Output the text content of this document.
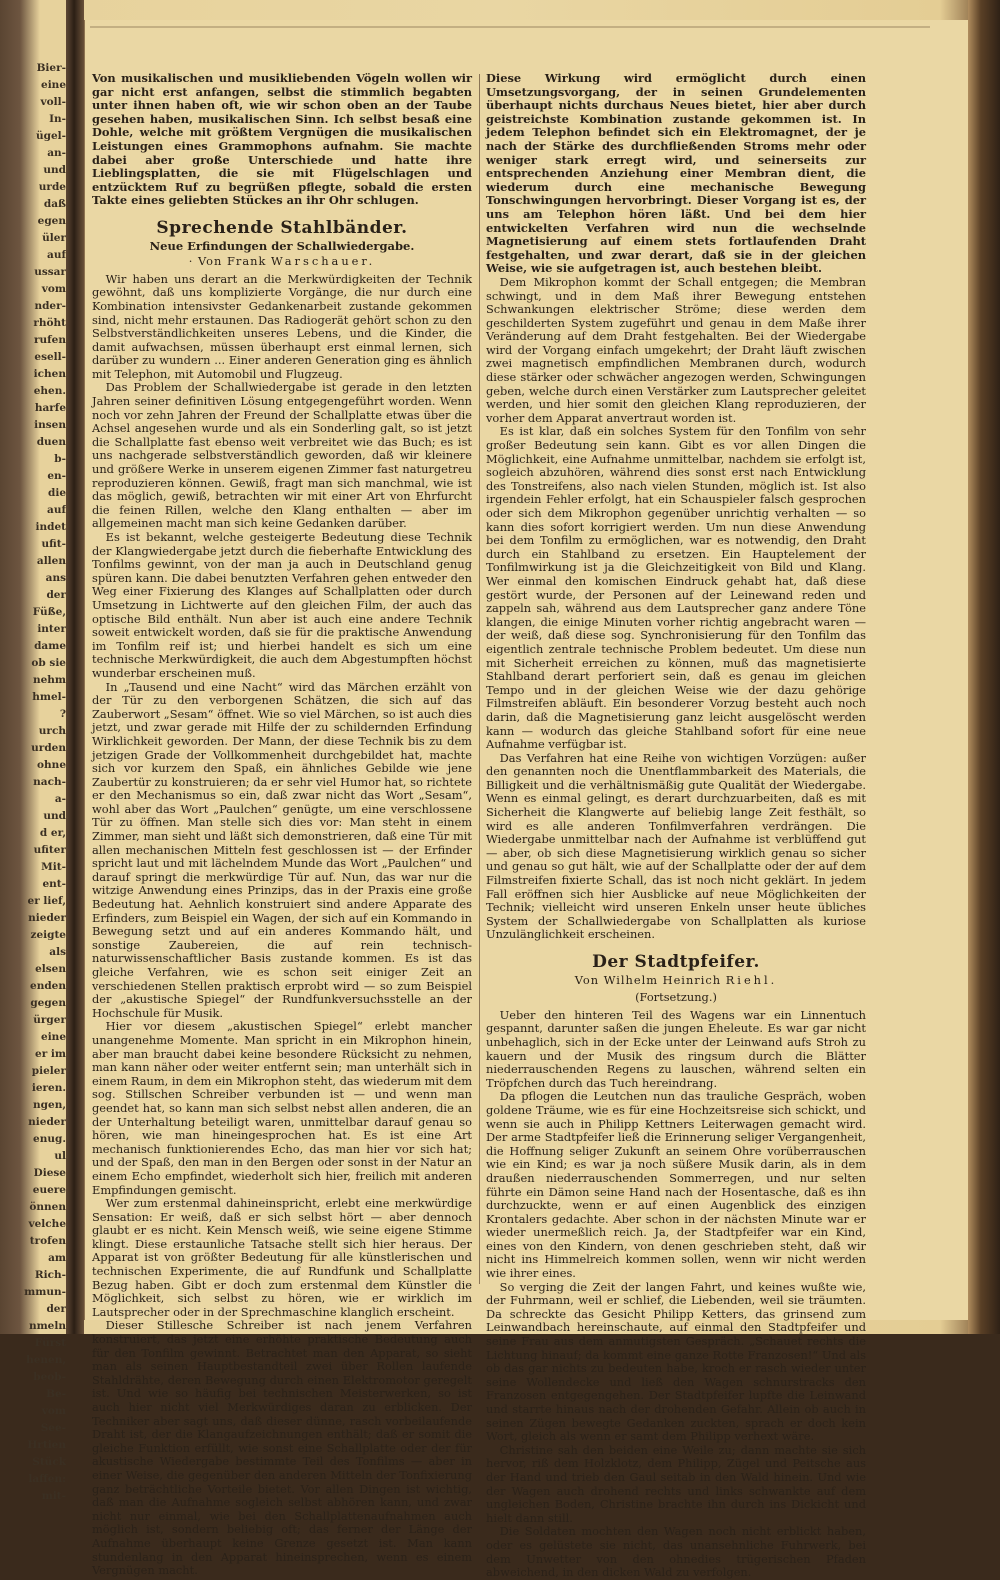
Bier-
eine
voll-
In-
ügel-
an-
und
urde
daß
egen
üler
auf
ussar
vom
nder-
rhöht
rufen
esell-
ichen
ehen.
harfe
insen
duen
b-
en-
die
auf
indet
ufit-
allen
ans
der
Füße,
inter
dame
ob sie
nehm
hmel-
?
urch
urden
ohne
nach-
a-
und
d er,
ufiter
Mit-
ent-
er lief,
nieder
zeigte
als
elsen
enden
gegen
ürger
eine
er im
pieler
ieren.
ngen,
nieder
enug.
ul
Diese
euere
önnen
velche
trofen
am
Rich-
mmun-
der
nmeln
Fürst
henen,
beob-
Be-
vom
See-
Hrtien
Stück
laffen:
mit-

Von musikalischen und musikliebenden Vögeln wollen wir gar nicht erst anfangen, selbst die stimmlich begabten unter ihnen haben oft, wie wir schon oben an der Taube gesehen haben, musikalischen Sinn. Ich selbst besaß eine Dohle, welche mit größtem Vergnügen die musikalischen Leistungen eines Grammophons aufnahm. Sie machte dabei aber große Unterschiede und hatte ihre Lieblingsplatten, die sie mit Flügelschlagen und entzücktem Ruf zu begrüßen pflegte, sobald die ersten Takte eines geliebten Stückes an ihr Ohr schlugen.

Sprechende Stahlbänder.
Neue Erfindungen der Schallwiedergabe.
· Von Frank Warschauer.

Wir haben uns derart an die Merkwürdigkeiten der Technik gewöhnt, daß uns komplizierte Vorgänge, die nur durch eine Kombination intensivster Gedankenarbeit zustande gekommen sind, nicht mehr erstaunen. Das Radiogerät gehört schon zu den Selbstverständlichkeiten unseres Lebens, und die Kinder, die damit aufwachsen, müssen überhaupt erst einmal lernen, sich darüber zu wundern ... Einer anderen Generation ging es ähnlich mit Telephon, mit Automobil und Flugzeug.

Das Problem der Schallwiedergabe ist gerade in den letzten Jahren seiner definitiven Lösung entgegengeführt worden. Wenn noch vor zehn Jahren der Freund der Schallplatte etwas über die Achsel angesehen wurde und als ein Sonderling galt, so ist jetzt die Schallplatte fast ebenso weit verbreitet wie das Buch; es ist uns nachgerade selbstverständlich geworden, daß wir kleinere und größere Werke in unserem eigenen Zimmer fast naturgetreu reproduzieren können. Gewiß, fragt man sich manchmal, wie ist das möglich, gewiß, betrachten wir mit einer Art von Ehrfurcht die feinen Rillen, welche den Klang enthalten — aber im allgemeinen macht man sich keine Gedanken darüber.

Es ist bekannt, welche gesteigerte Bedeutung diese Technik der Klangwiedergabe jetzt durch die fieberhafte Entwicklung des Tonfilms gewinnt, von der man ja auch in Deutschland genug spüren kann. Die dabei benutzten Verfahren gehen entweder den Weg einer Fixierung des Klanges auf Schallplatten oder durch Umsetzung in Lichtwerte auf den gleichen Film, der auch das optische Bild enthält. Nun aber ist auch eine andere Technik soweit entwickelt worden, daß sie für die praktische Anwendung im Tonfilm reif ist; und hierbei handelt es sich um eine technische Merkwürdigkeit, die auch dem Abgestumpften höchst wunderbar erscheinen muß.

In „Tausend und eine Nacht“ wird das Märchen erzählt von der Tür zu den verborgenen Schätzen, die sich auf das Zauberwort „Sesam“ öffnet. Wie so viel Märchen, so ist auch dies jetzt, und zwar gerade mit Hilfe der zu schildernden Erfindung Wirklichkeit geworden. Der Mann, der diese Technik bis zu dem jetzigen Grade der Vollkommenheit durchgebildet hat, machte sich vor kurzem den Spaß, ein ähnliches Gebilde wie jene Zaubertür zu konstruieren; da er sehr viel Humor hat, so richtete er den Mechanismus so ein, daß zwar nicht das Wort „Sesam“, wohl aber das Wort „Paulchen“ genügte, um eine verschlossene Tür zu öffnen. Man stelle sich dies vor: Man steht in einem Zimmer, man sieht und läßt sich demonstrieren, daß eine Tür mit allen mechanischen Mitteln fest geschlossen ist — der Erfinder spricht laut und mit lächelndem Munde das Wort „Paulchen“ und darauf springt die merkwürdige Tür auf. Nun, das war nur die witzige Anwendung eines Prinzips, das in der Praxis eine große Bedeutung hat. Aehnlich konstruiert sind andere Apparate des Erfinders, zum Beispiel ein Wagen, der sich auf ein Kommando in Bewegung setzt und auf ein anderes Kommando hält, und sonstige Zaubereien, die auf rein technisch-naturwissenschaftlicher Basis zustande kommen. Es ist das gleiche Verfahren, wie es schon seit einiger Zeit an verschiedenen Stellen praktisch erprobt wird — so zum Beispiel der „akustische Spiegel“ der Rundfunkversuchsstelle an der Hochschule für Musik.

Hier vor diesem „akustischen Spiegel“ erlebt mancher unangenehme Momente. Man spricht in ein Mikrophon hinein, aber man braucht dabei keine besondere Rücksicht zu nehmen, man kann näher oder weiter entfernt sein; man unterhält sich in einem Raum, in dem ein Mikrophon steht, das wiederum mit dem sog. Stillschen Schreiber verbunden ist — und wenn man geendet hat, so kann man sich selbst nebst allen anderen, die an der Unterhaltung beteiligt waren, unmittelbar darauf genau so hören, wie man hineingesprochen hat. Es ist eine Art mechanisch funktionierendes Echo, das man hier vor sich hat; und der Spaß, den man in den Bergen oder sonst in der Natur an einem Echo empfindet, wiederholt sich hier, freilich mit anderen Empfindungen gemischt.

Wer zum erstenmal dahineinspricht, erlebt eine merkwürdige Sensation: Er weiß, daß er sich selbst hört — aber dennoch glaubt er es nicht. Kein Mensch weiß, wie seine eigene Stimme klingt. Diese erstaunliche Tatsache stellt sich hier heraus. Der Apparat ist von größter Bedeutung für alle künstlerischen und technischen Experimente, die auf Rundfunk und Schallplatte Bezug haben. Gibt er doch zum erstenmal dem Künstler die Möglichkeit, sich selbst zu hören, wie er wirklich im Lautsprecher oder in der Sprechmaschine klanglich erscheint.

Dieser Stillesche Schreiber ist nach jenem Verfahren konstruiert, das jetzt eine erhöhte praktische Bedeutung auch für den Tonfilm gewinnt. Betrachtet man den Apparat, so sieht man als seinen Hauptbestandteil zwei über Rollen laufende Stahldrähte, deren Bewegung durch einen Elektromotor geregelt ist. Und wie so häufig bei technischen Meisterwerken, so ist auch hier nicht viel Merkwürdiges daran zu erblicken. Der Techniker aber sagt uns, daß dieser dünne, rasch vorbeilaufende Draht ist, der die Klangaufzeichnungen enthält; daß er somit die gleiche Funktion erfüllt, wie sonst eine Schallplatte oder der für akustische Wiedergabe bestimmte Teil des Tonfilms — aber in einer Weise, die gegenüber den anderen Mitteln der Tonfixierung ganz beträchtliche Vorteile bietet. Vor allen Dingen ist wichtig, daß man die Aufnahme sogleich selbst abhören kann, und zwar nicht nur einmal, wie bei den Schallplattenaufnahmen auch möglich ist, sondern beliebig oft; das ferner der Länge der Aufnahme überhaupt keine Grenze gesetzt ist. Man kann stundenlang in den Apparat hineinsprechen, wenn es einem Vergnügen macht.

Diese Wirkung wird ermöglicht durch einen Umsetzungsvorgang, der in seinen Grundelementen überhaupt nichts durchaus Neues bietet, hier aber durch geistreichste Kombination zustande gekommen ist. In jedem Telephon befindet sich ein Elektromagnet, der je nach der Stärke des durchfließenden Stroms mehr oder weniger stark erregt wird, und seinerseits zur entsprechenden Anziehung einer Membran dient, die wiederum durch eine mechanische Bewegung Tonschwingungen hervorbringt. Dieser Vorgang ist es, der uns am Telephon hören läßt. Und bei dem hier entwickelten Verfahren wird nun die wechselnde Magnetisierung auf einem stets fortlaufenden Draht festgehalten, und zwar derart, daß sie in der gleichen Weise, wie sie aufgetragen ist, auch bestehen bleibt.

Dem Mikrophon kommt der Schall entgegen; die Membran schwingt, und in dem Maß ihrer Bewegung entstehen Schwankungen elektrischer Ströme; diese werden dem geschilderten System zugeführt und genau in dem Maße ihrer Veränderung auf dem Draht festgehalten. Bei der Wiedergabe wird der Vorgang einfach umgekehrt; der Draht läuft zwischen zwei magnetisch empfindlichen Membranen durch, wodurch diese stärker oder schwächer angezogen werden, Schwingungen geben, welche durch einen Verstärker zum Lautsprecher geleitet werden, und hier somit den gleichen Klang reproduzieren, der vorher dem Apparat anvertraut worden ist.

Es ist klar, daß ein solches System für den Tonfilm von sehr großer Bedeutung sein kann. Gibt es vor allen Dingen die Möglichkeit, eine Aufnahme unmittelbar, nachdem sie erfolgt ist, sogleich abzuhören, während dies sonst erst nach Entwicklung des Tonstreifens, also nach vielen Stunden, möglich ist. Ist also irgendein Fehler erfolgt, hat ein Schauspieler falsch gesprochen oder sich dem Mikrophon gegenüber unrichtig verhalten — so kann dies sofort korrigiert werden. Um nun diese Anwendung bei dem Tonfilm zu ermöglichen, war es notwendig, den Draht durch ein Stahlband zu ersetzen. Ein Hauptelement der Tonfilmwirkung ist ja die Gleichzeitigkeit von Bild und Klang. Wer einmal den komischen Eindruck gehabt hat, daß diese gestört wurde, der Personen auf der Leinewand reden und zappeln sah, während aus dem Lautsprecher ganz andere Töne klangen, die einige Minuten vorher richtig angebracht waren — der weiß, daß diese sog. Synchronisierung für den Tonfilm das eigentlich zentrale technische Problem bedeutet. Um diese nun mit Sicherheit erreichen zu können, muß das magnetisierte Stahlband derart perforiert sein, daß es genau im gleichen Tempo und in der gleichen Weise wie der dazu gehörige Filmstreifen abläuft. Ein besonderer Vorzug besteht auch noch darin, daß die Magnetisierung ganz leicht ausgelöscht werden kann — wodurch das gleiche Stahlband sofort für eine neue Aufnahme verfügbar ist.

Das Verfahren hat eine Reihe von wichtigen Vorzügen: außer den genannten noch die Unentflammbarkeit des Materials, die Billigkeit und die verhältnismäßig gute Qualität der Wiedergabe. Wenn es einmal gelingt, es derart durchzuarbeiten, daß es mit Sicherheit die Klangwerte auf beliebig lange Zeit festhält, so wird es alle anderen Tonfilmverfahren verdrängen. Die Wiedergabe unmittelbar nach der Aufnahme ist verblüffend gut — aber, ob sich diese Magnetisierung wirklich genau so sicher und genau so gut hält, wie auf der Schallplatte oder der auf dem Filmstreifen fixierte Schall, das ist noch nicht geklärt. In jedem Fall eröffnen sich hier Ausblicke auf neue Möglichkeiten der Technik; vielleicht wird unseren Enkeln unser heute übliches System der Schallwiedergabe von Schallplatten als kuriose Unzulänglichkeit erscheinen.

Der Stadtpfeifer.
Von Wilhelm Heinrich Riehl.
(Fortsetzung.)

Ueber den hinteren Teil des Wagens war ein Linnentuch gespannt, darunter saßen die jungen Eheleute. Es war gar nicht unbehaglich, sich in der Ecke unter der Leinwand aufs Stroh zu kauern und der Musik des ringsum durch die Blätter niederrauschenden Regens zu lauschen, während selten ein Tröpfchen durch das Tuch hereindrang.

Da pflogen die Leutchen nun das trauliche Gespräch, woben goldene Träume, wie es für eine Hochzeitsreise sich schickt, und wenn sie auch in Philipp Kettners Leiterwagen gemacht wird. Der arme Stadtpfeifer ließ die Erinnerung seliger Vergangenheit, die Hoffnung seliger Zukunft an seinem Ohre vorüberrauschen wie ein Kind; es war ja noch süßere Musik darin, als in dem draußen niederrauschenden Sommerregen, und nur selten führte ein Dämon seine Hand nach der Hosentasche, daß es ihn durchzuckte, wenn er auf einen Augenblick des einzigen Krontalers gedachte. Aber schon in der nächsten Minute war er wieder unermeßlich reich. Ja, der Stadtpfeifer war ein Kind, eines von den Kindern, von denen geschrieben steht, daß wir nicht ins Himmelreich kommen sollen, wenn wir nicht werden wie ihrer eines.

So verging die Zeit der langen Fahrt, und keines wußte wie, der Fuhrmann, weil er schlief, die Liebenden, weil sie träumten. Da schreckte das Gesicht Philipp Ketters, das grinsend zum Leinwandbach hereinschaute, auf einmal den Stadtpfeifer und seine Frau aus dem anmutigsten Gespräch. „Schauet rechts die Lichtung hinauf; da kommt eine ganze Rotte Franzosen!“ Und als ob das gar nichts zu bedeuten habe, kroch er rasch wieder unter seine Wollendecke und ließ den Wagen schnurstracks den Franzosen entgegengehen. Der Stadtpfeifer lupfte die Leinwand und starrte hinaus nach der drohenden Gefahr. Allein ob auch in seinen Zügen bewegte Gedanken zuckten, sprach er doch kein Wort, gleich als wenn er samt dem Philipp verhext wäre.

Christine sah den beiden eine Weile zu; dann machte sie sich hervor, riß dem Holzklotz, dem Philipp, Zügel und Peitsche aus der Hand und trieb den Gaul seitab in den Wald hinein. Und wie der Wagen auch drohend rechts und links schwankte auf dem ungleichen Boden, Christine brachte ihn durch ins Dickicht und hielt dann still.

Die Soldaten mochten den Wagen noch nicht erblickt haben, oder es gelüstete sie nicht, das unansehnliche Fuhrwerk, bei dem Unwetter von den ohnedies trügerischen Pfaden abweichend, in den dicken Wald zu verfolgen.
